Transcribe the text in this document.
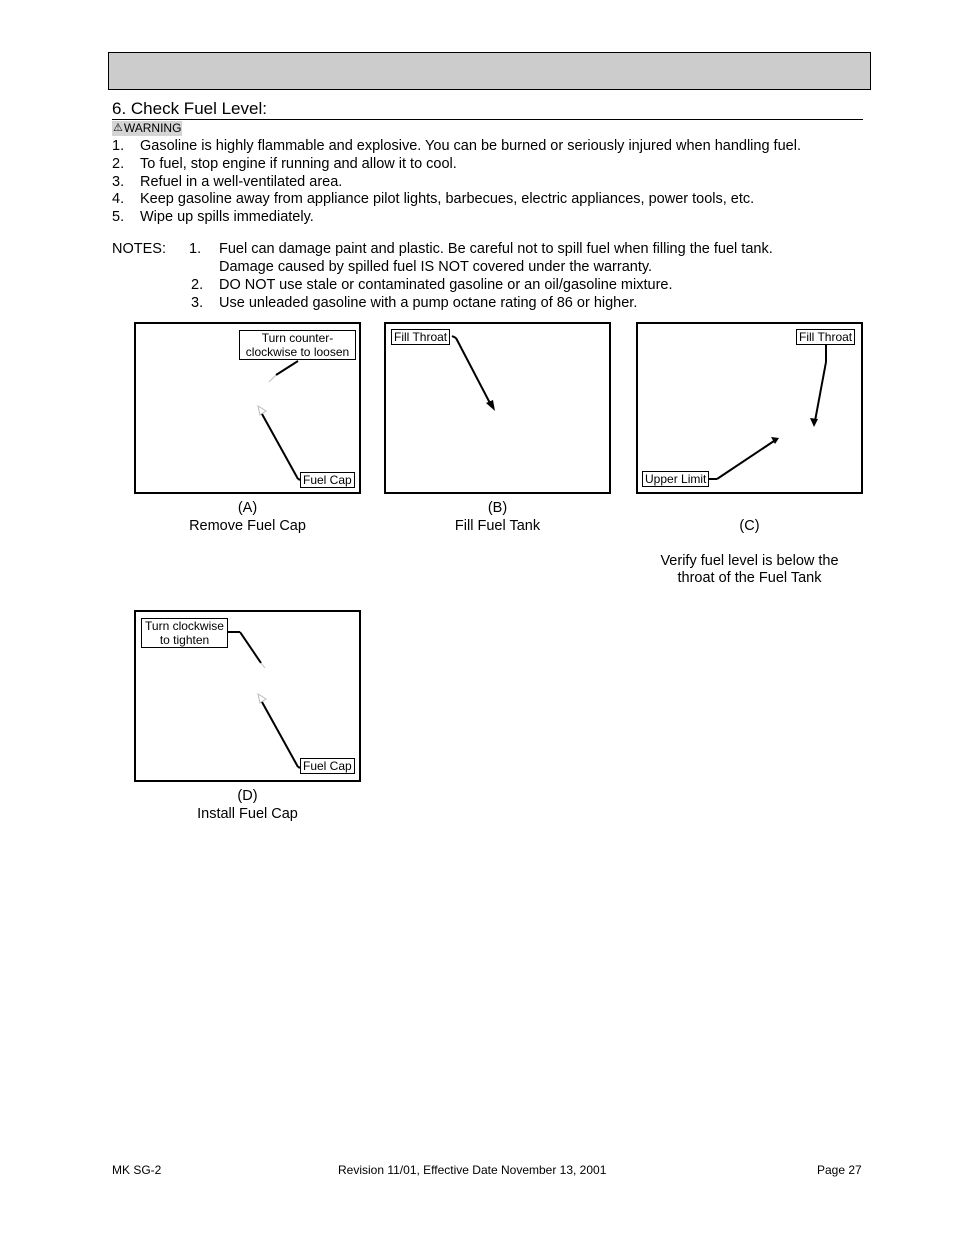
6. Check Fuel Level:
⚠ WARNING
1.	Gasoline is highly flammable and explosive. You can be burned or seriously injured when handling fuel.
2.	To fuel, stop engine if running and allow it to cool.
3.	Refuel in a well-ventilated area.
4.	Keep gasoline away from appliance pilot lights, barbecues, electric appliances, power tools, etc.
5.	Wipe up spills immediately.
NOTES: 1. Fuel can damage paint and plastic. Be careful not to spill fuel when filling the fuel tank.
Damage caused by spilled fuel IS NOT covered under the warranty.
2. DO NOT use stale or contaminated gasoline or an oil/gasoline mixture.
3. Use unleaded gasoline with a pump octane rating of 86 or higher.
Turn counter-
clockwise to loosen
Fuel Cap
(A)
Remove Fuel Cap
Fill Throat
(B)
Fill Fuel Tank
Fill Throat
Upper Limit

(C)

Verify fuel level is below the
throat of the Fuel Tank

Turn clockwise
to tighten
Fuel Cap
(D)
Install Fuel Cap
MK SG-2	Revision 11/01, Effective Date November 13, 2001	Page 27
